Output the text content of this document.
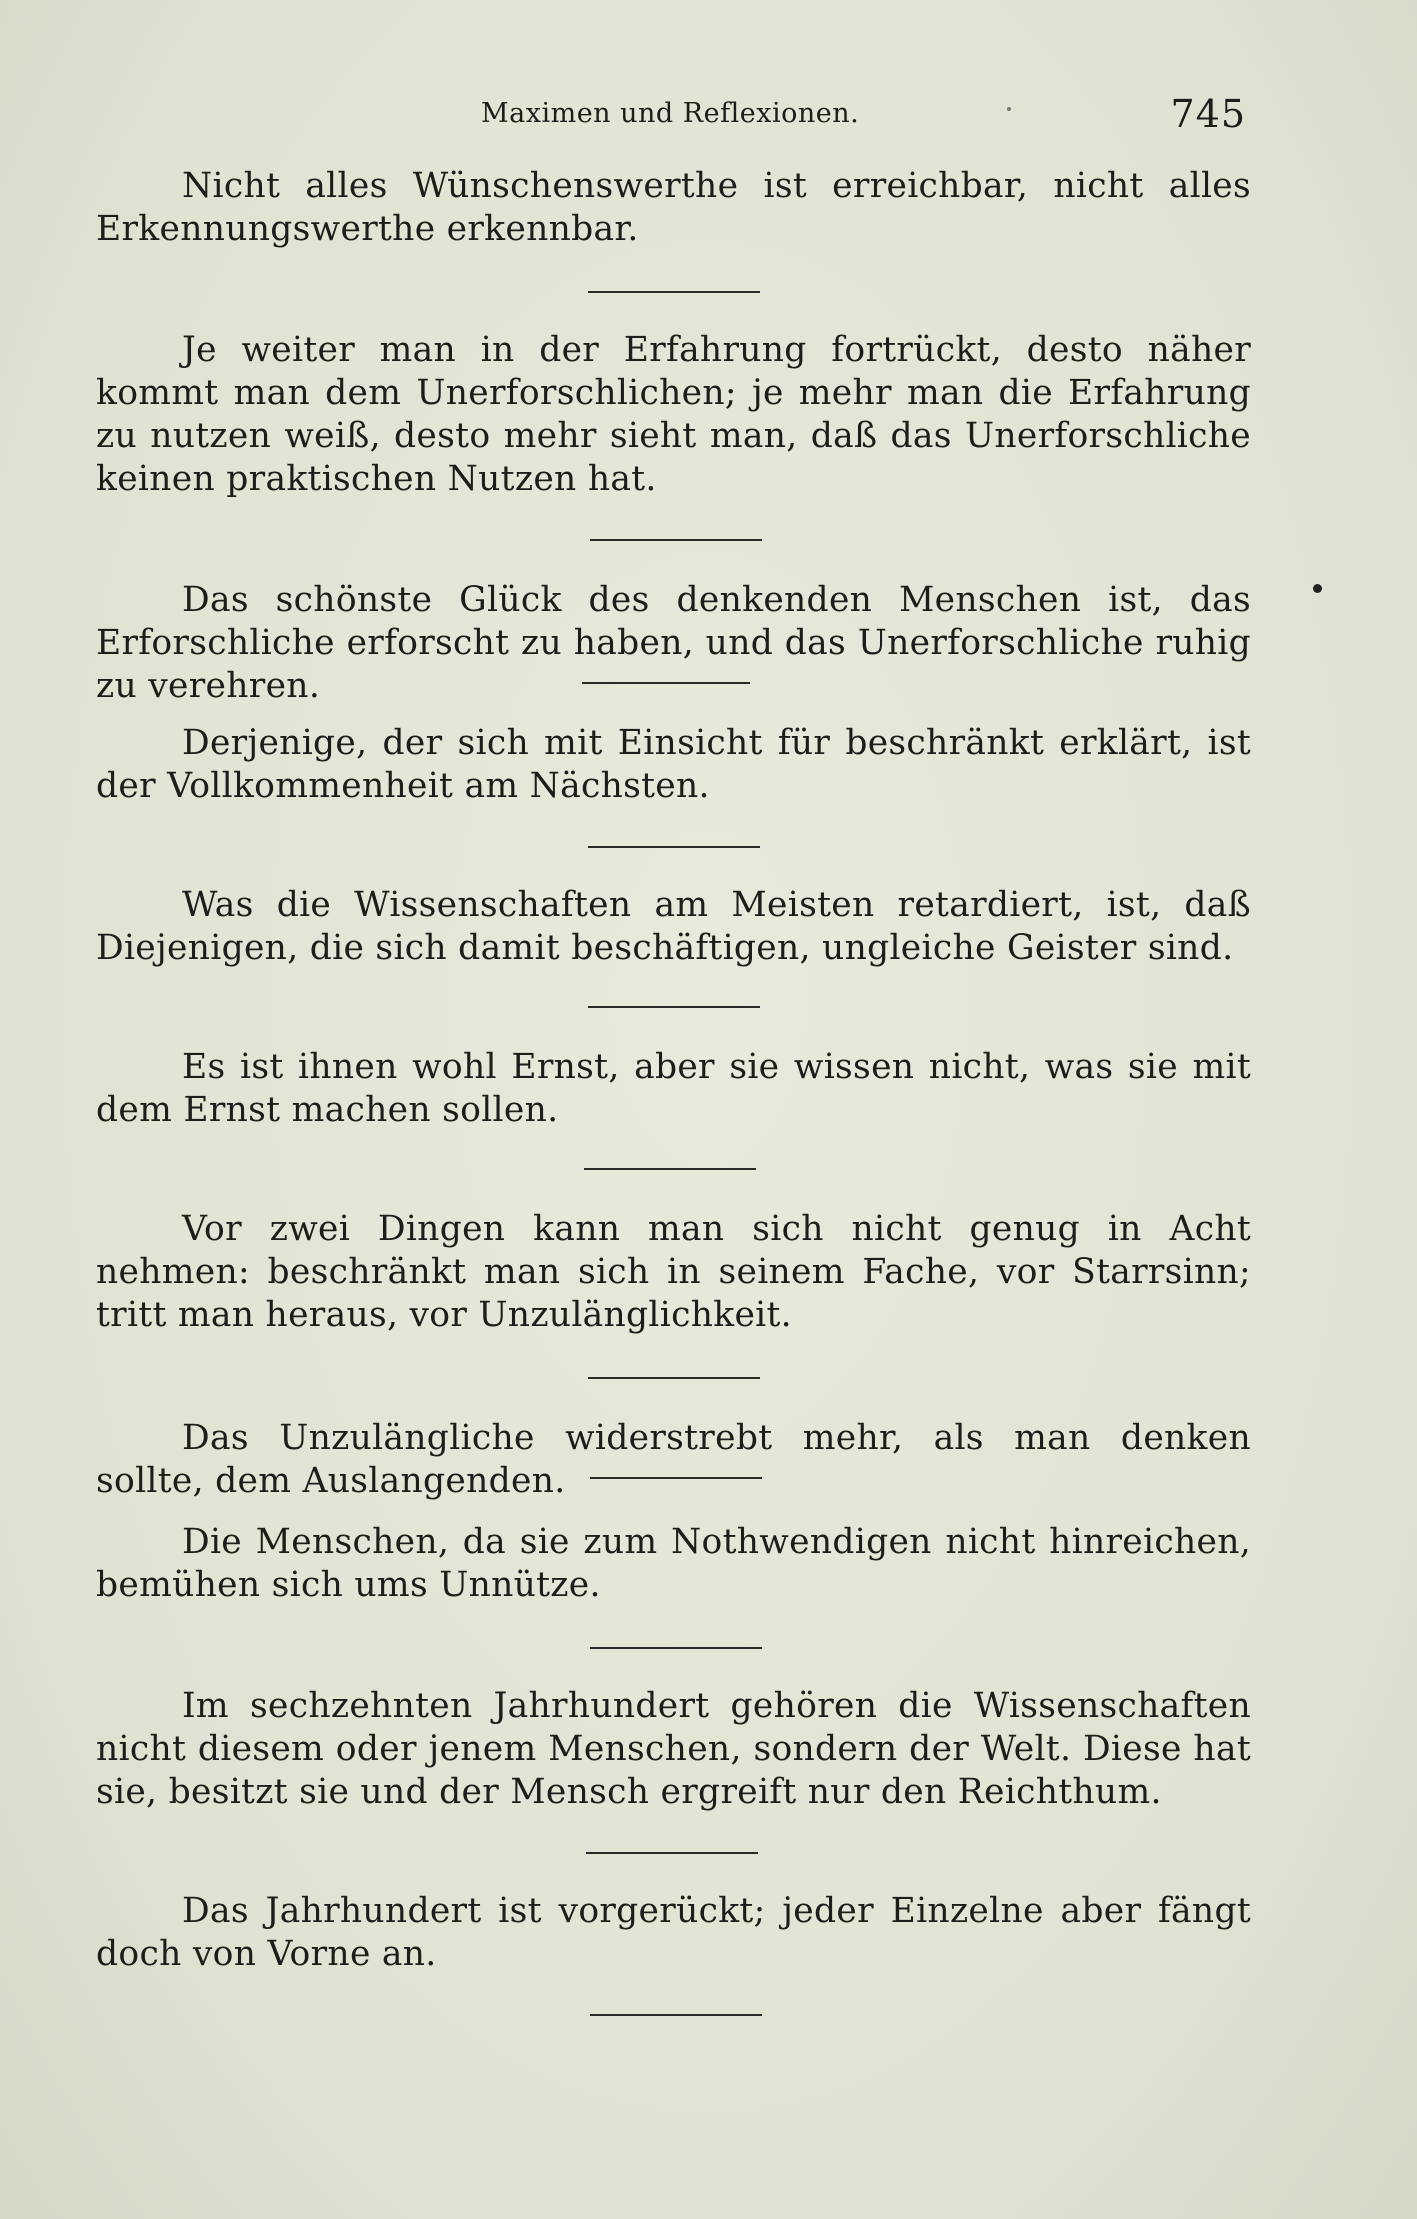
Maximen und Reflexionen.	745

Nicht alles Wünschenswerthe ist erreichbar, nicht alles Erkennungswerthe erkennbar.

Je weiter man in der Erfahrung fortrückt, desto näher kommt man dem Unerforschlichen; je mehr man die Erfahrung zu nutzen weiß, desto mehr sieht man, daß das Unerforschliche keinen praktischen Nutzen hat.

Das schönste Glück des denkenden Menschen ist, das Erforschliche erforscht zu haben, und das Unerforschliche ruhig zu verehren.

Derjenige, der sich mit Einsicht für beschränkt erklärt, ist der Vollkommenheit am Nächsten.

Was die Wissenschaften am Meisten retardiert, ist, daß Diejenigen, die sich damit beschäftigen, ungleiche Geister sind.

Es ist ihnen wohl Ernst, aber sie wissen nicht, was sie mit dem Ernst machen sollen.

Vor zwei Dingen kann man sich nicht genug in Acht nehmen: beschränkt man sich in seinem Fache, vor Starrsinn; tritt man heraus, vor Unzulänglichkeit.

Das Unzulängliche widerstrebt mehr, als man denken sollte, dem Auslangenden.

Die Menschen, da sie zum Nothwendigen nicht hinreichen, bemühen sich ums Unnütze.

Im sechzehnten Jahrhundert gehören die Wissenschaften nicht diesem oder jenem Menschen, sondern der Welt. Diese hat sie, besitzt sie und der Mensch ergreift nur den Reichthum.

Das Jahrhundert ist vorgerückt; jeder Einzelne aber fängt doch von Vorne an.
